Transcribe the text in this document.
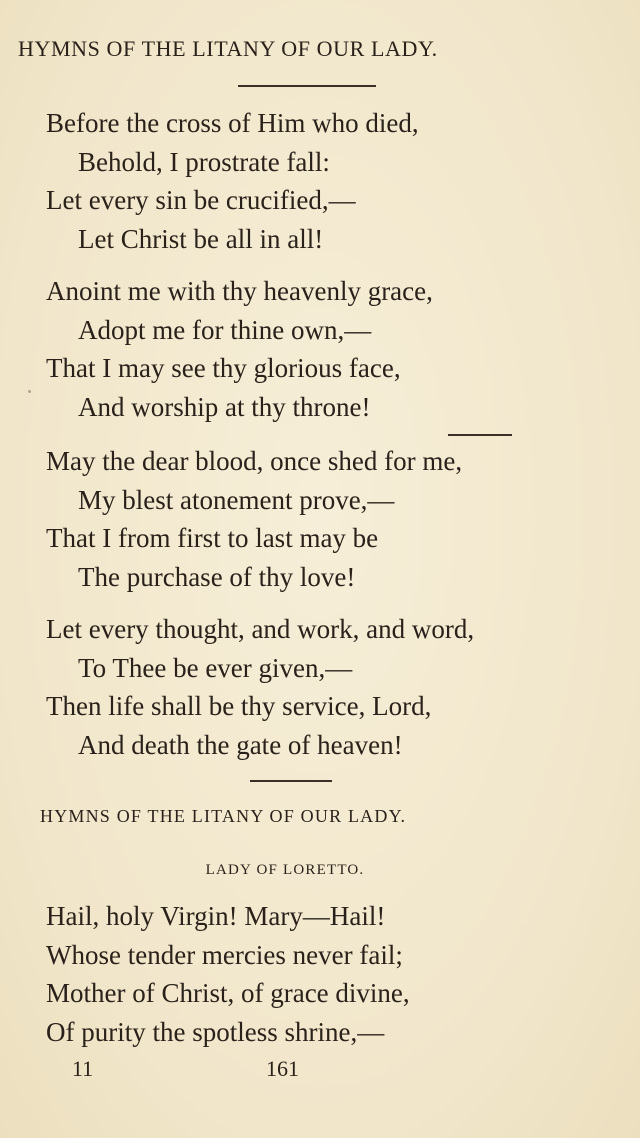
HYMNS OF THE LITANY OF OUR LADY.
Before the cross of Him who died,
Behold, I prostrate fall:
Let every sin be crucified,—
Let Christ be all in all!
Anoint me with thy heavenly grace,
Adopt me for thine own,—
That I may see thy glorious face,
And worship at thy throne!
May the dear blood, once shed for me,
My blest atonement prove,—
That I from first to last may be
The purchase of thy love!
Let every thought, and work, and word,
To Thee be ever given,—
Then life shall be thy service, Lord,
And death the gate of heaven!
HYMNS OF THE LITANY OF OUR LADY.
LADY OF LORETTO.
Hail, holy Virgin! Mary—Hail!
Whose tender mercies never fail;
Mother of Christ, of grace divine,
Of purity the spotless shrine,—
11	161
